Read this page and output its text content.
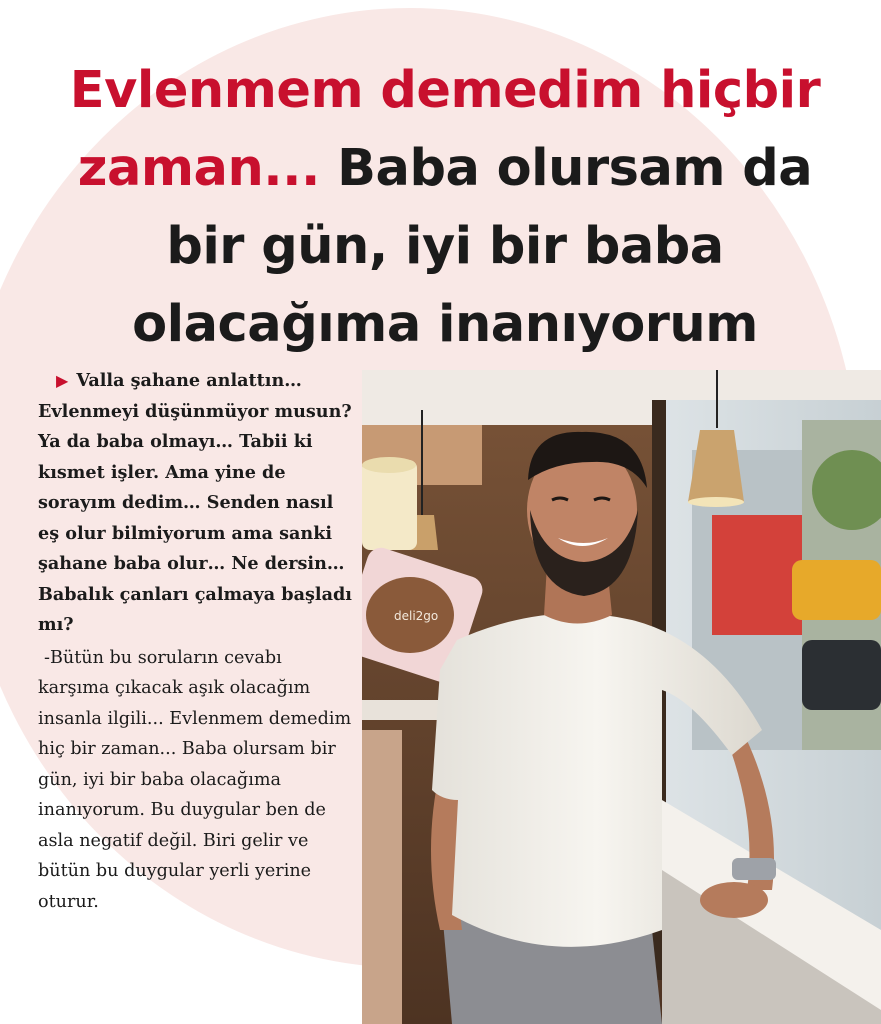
Evlenmem demedim hiçbir zaman... Baba olursam da bir gün, iyi bir baba olacağıma inanıyorum
▶ Valla şahane anlattın… Evlenmeyi düşünmüyor musun? Ya da baba olmayı… Tabii ki kısmet işler. Ama yine de sorayım dedim… Senden nasıl eş olur bilmiyorum ama sanki şahane baba olur… Ne dersin… Babalık çanları çalmaya başladı mı?
-Bütün bu soruların cevabı karşıma çıkacak aşık olacağım insanla ilgili... Evlenmem demedim hiç bir zaman... Baba olursam bir gün, iyi bir baba olacağıma inanıyorum. Bu duygular ben de asla negatif değil. Biri gelir ve bütün bu duygular yerli yerine oturur.
deli2go
